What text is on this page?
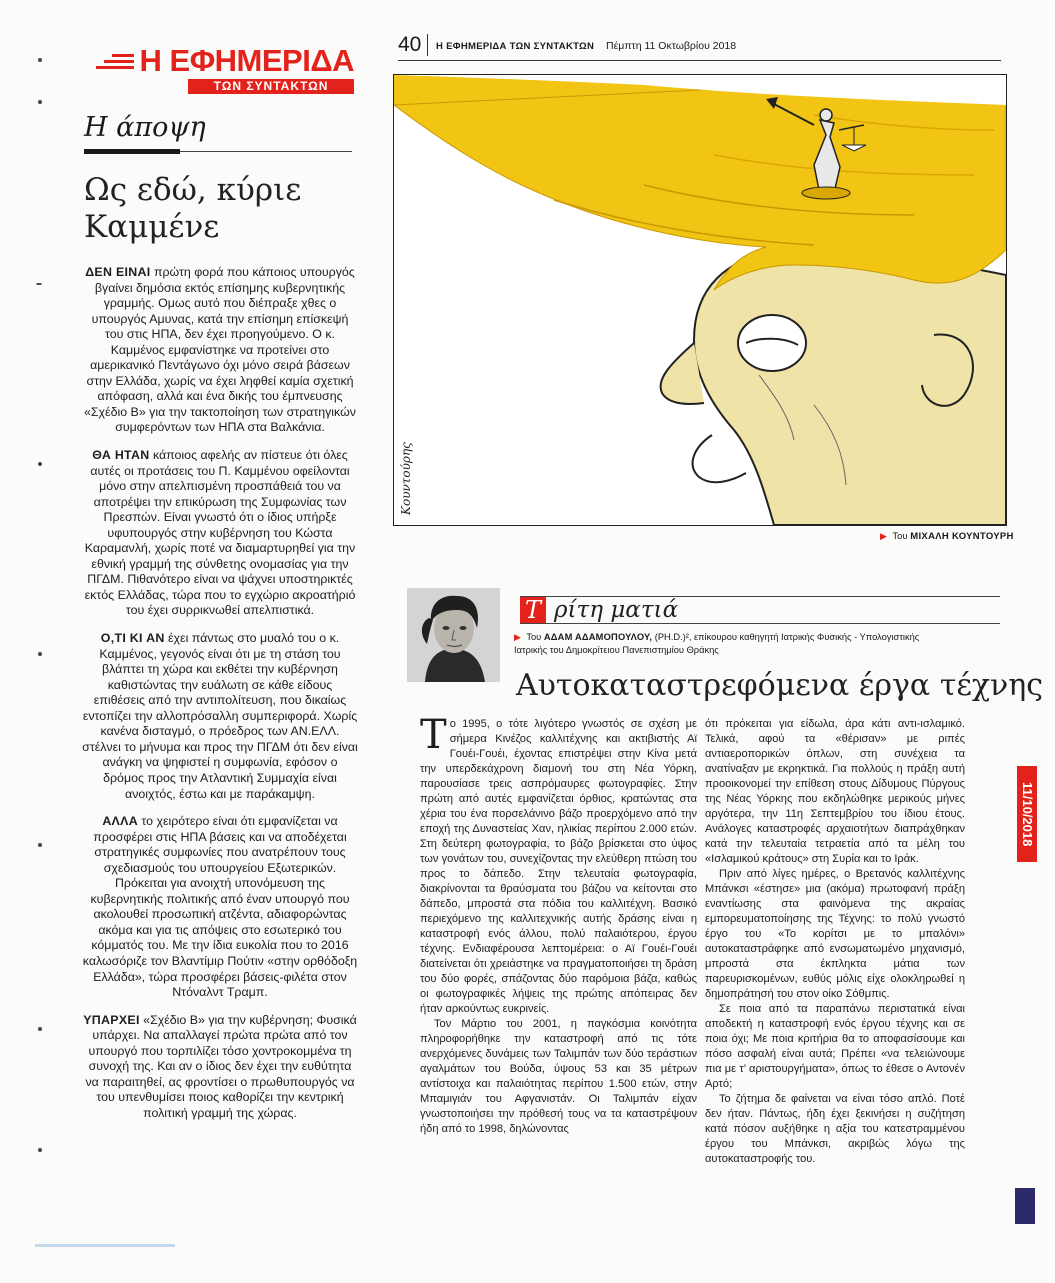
Η ΕΦΗΜΕΡΙΔΑ
ΤΩΝ ΣΥΝΤΑΚΤΩΝ
Η άποψη
Ως εδώ, κύριε Καμμένε

ΔΕΝ ΕΙΝΑΙ πρώτη φορά που κάποιος υπουργός βγαίνει δημόσια εκτός επίσημης κυβερνητικής γραμμής. Ομως αυτό που διέπραξε χθες ο υπουργός Αμυνας, κατά την επίσημη επίσκεψή του στις ΗΠΑ, δεν έχει προηγούμενο. Ο κ. Καμμένος εμφανίστηκε να προτείνει στο αμερικανικό Πεντάγωνο όχι μόνο σειρά βάσεων στην Ελλάδα, χωρίς να έχει ληφθεί καμία σχετική απόφαση, αλλά και ένα δικής του έμπνευσης «Σχέδιο Β» για την τακτοποίηση των στρατηγικών συμφερόντων των ΗΠΑ στα Βαλκάνια.

ΘΑ ΗΤΑΝ κάποιος αφελής αν πίστευε ότι όλες αυτές οι προτάσεις του Π. Καμμένου οφείλονται μόνο στην απελπισμένη προσπάθειά του να αποτρέψει την επικύρωση της Συμφωνίας των Πρεσπών. Είναι γνωστό ότι ο ίδιος υπήρξε υφυπουργός στην κυβέρνηση του Κώστα Καραμανλή, χωρίς ποτέ να διαμαρτυρηθεί για την εθνική γραμμή της σύνθετης ονομασίας για την ΠΓΔΜ. Πιθανότερο είναι να ψάχνει υποστηρικτές εκτός Ελλάδας, τώρα που το εγχώριο ακροατήριό του έχει συρρικνωθεί απελπιστικά.

Ο,ΤΙ ΚΙ ΑΝ έχει πάντως στο μυαλό του ο κ. Καμμένος, γεγονός είναι ότι με τη στάση του βλάπτει τη χώρα και εκθέτει την κυβέρνηση καθιστώντας την ευάλωτη σε κάθε είδους επιθέσεις από την αντιπολίτευση, που δικαίως εντοπίζει την αλλοπρόσαλλη συμπεριφορά. Χωρίς κανένα δισταγμό, ο πρόεδρος των ΑΝ.ΕΛΛ. στέλνει το μήνυμα και προς την ΠΓΔΜ ότι δεν είναι ανάγκη να ψηφιστεί η συμφωνία, εφόσον ο δρόμος προς την Ατλαντική Συμμαχία είναι ανοιχτός, έστω και με παράκαμψη.

ΑΛΛΑ το χειρότερο είναι ότι εμφανίζεται να προσφέρει στις ΗΠΑ βάσεις και να αποδέχεται στρατηγικές συμφωνίες που ανατρέπουν τους σχεδιασμούς του υπουργείου Εξωτερικών. Πρόκειται για ανοιχτή υπονόμευση της κυβερνητικής πολιτικής από έναν υπουργό που ακολουθεί προσωπική ατζέντα, αδιαφορώντας ακόμα και για τις απόψεις στο εσωτερικό του κόμματός του. Με την ίδια ευκολία που το 2016 καλωσόριζε τον Βλαντίμιρ Πούτιν «στην ορθόδοξη Ελλάδα», τώρα προσφέρει βάσεις-φιλέτα στον Ντόναλντ Τραμπ.

ΥΠΑΡΧΕΙ «Σχέδιο Β» για την κυβέρνηση; Φυσικά υπάρχει. Να απαλλαγεί πρώτα πρώτα από τον υπουργό που τορπιλίζει τόσο χοντροκομμένα τη συνοχή της. Και αν ο ίδιος δεν έχει την ευθύτητα να παραιτηθεί, ας φροντίσει ο πρωθυπουργός να του υπενθυμίσει ποιος καθορίζει την κεντρική πολιτική γραμμή της χώρας.

40 Η ΕΦΗΜΕΡΙΔΑ ΤΩΝ ΣΥΝΤΑΚΤΩΝ Πέμπτη 11 Οκτωβρίου 2018
Κουντούρης
▶ Του ΜΙΧΑΛΗ ΚΟΥΝΤΟΥΡΗ
Τ ρίτη ματιά
▶ Του ΑΔΑΜ ΑΔΑΜΟΠΟΥΛΟΥ, (PH.D.)², επίκουρου καθηγητή Ιατρικής Φυσικής - Υπολογιστικής Ιατρικής του Δημοκρίτειου Πανεπιστημίου Θράκης
Αυτοκαταστρεφόμενα έργα τέχνης

Το 1995, ο τότε λιγότερο γνωστός σε σχέση με σήμερα Κινέζος καλλιτέχνης και ακτιβιστής Αϊ Γουέι-Γουέι, έχοντας επιστρέψει στην Κίνα μετά την υπερδεκάχρονη διαμονή του στη Νέα Υόρκη, παρουσίασε τρεις ασπρόμαυρες φωτογραφίες. Στην πρώτη από αυτές εμφανίζεται όρθιος, κρατώντας στα χέρια του ένα πορσελάνινο βάζο προερχόμενο από την εποχή της Δυναστείας Χαν, ηλικίας περίπου 2.000 ετών. Στη δεύτερη φωτογραφία, το βάζο βρίσκεται στο ύψος των γονάτων του, συνεχίζοντας την ελεύθερη πτώση του προς το δάπεδο. Στην τελευταία φωτογραφία, διακρίνονται τα θραύσματα του βάζου να κείτονται στο δάπεδο, μπροστά στα πόδια του καλλιτέχνη. Βασικό περιεχόμενο της καλλιτεχνικής αυτής δράσης είναι η καταστροφή ενός άλλου, πολύ παλαιότερου, έργου τέχνης. Ενδιαφέρουσα λεπτομέρεια: ο Αϊ Γουέι-Γουέι διατείνεται ότι χρειάστηκε να πραγματοποιήσει τη δράση του δύο φορές, σπάζοντας δύο παρόμοια βάζα, καθώς οι φωτογραφικές λήψεις της πρώτης απόπειρας δεν ήταν αρκούντως ευκρινείς.

Τον Μάρτιο του 2001, η παγκόσμια κοινότητα πληροφορήθηκε την καταστροφή από τις τότε ανερχόμενες δυνάμεις των Ταλιμπάν των δύο τεράστιων αγαλμάτων του Βούδα, ύψους 53 και 35 μέτρων αντίστοιχα και παλαιότητας περίπου 1.500 ετών, στην Μπαμιγιάν του Αφγανιστάν. Οι Ταλιμπάν είχαν γνωστοποιήσει την πρόθεσή τους να τα καταστρέψουν ήδη από το 1998, δηλώνοντας

ότι πρόκειται για είδωλα, άρα κάτι αντι-ισλαμικό. Τελικά, αφού τα «θέρισαν» με ριπές αντιαεροπορικών όπλων, στη συνέχεια τα ανατίναξαν με εκρηκτικά. Για πολλούς η πράξη αυτή προοικονομεί την επίθεση στους Δίδυμους Πύργους της Νέας Υόρκης που εκδηλώθηκε μερικούς μήνες αργότερα, την 11η Σεπτεμβρίου του ίδιου έτους. Ανάλογες καταστροφές αρχαιοτήτων διαπράχθηκαν κατά την τελευταία τετραετία από τα μέλη του «Ισλαμικού κράτους» στη Συρία και το Ιράκ.

Πριν από λίγες ημέρες, ο Βρετανός καλλιτέχνης Μπάνκσι «έστησε» μια (ακόμα) πρωτοφανή πράξη εναντίωσης στα φαινόμενα της ακραίας εμπορευματοποίησης της Τέχνης: το πολύ γνωστό έργο του «Το κορίτσι με το μπαλόνι» αυτοκαταστράφηκε από ενσωματωμένο μηχανισμό, μπροστά στα έκπληκτα μάτια των παρευρισκομένων, ευθύς μόλις είχε ολοκληρωθεί η δημοπράτησή του στον οίκο Σόθμπις.

Σε ποια από τα παραπάνω περιστατικά είναι αποδεκτή η καταστροφή ενός έργου τέχνης και σε ποια όχι; Με ποια κριτήρια θα το αποφασίσουμε και πόσο ασφαλή είναι αυτά; Πρέπει «να τελειώνουμε πια με τ’ αριστουργήματα», όπως το έθεσε ο Αντονέν Αρτό;

Το ζήτημα δε φαίνεται να είναι τόσο απλό. Ποτέ δεν ήταν. Πάντως, ήδη έχει ξεκινήσει η συζήτηση κατά πόσον αυξήθηκε η αξία του κατεστραμμένου έργου του Μπάνκσι, ακριβώς λόγω της αυτοκαταστροφής του.

11/10/2018
